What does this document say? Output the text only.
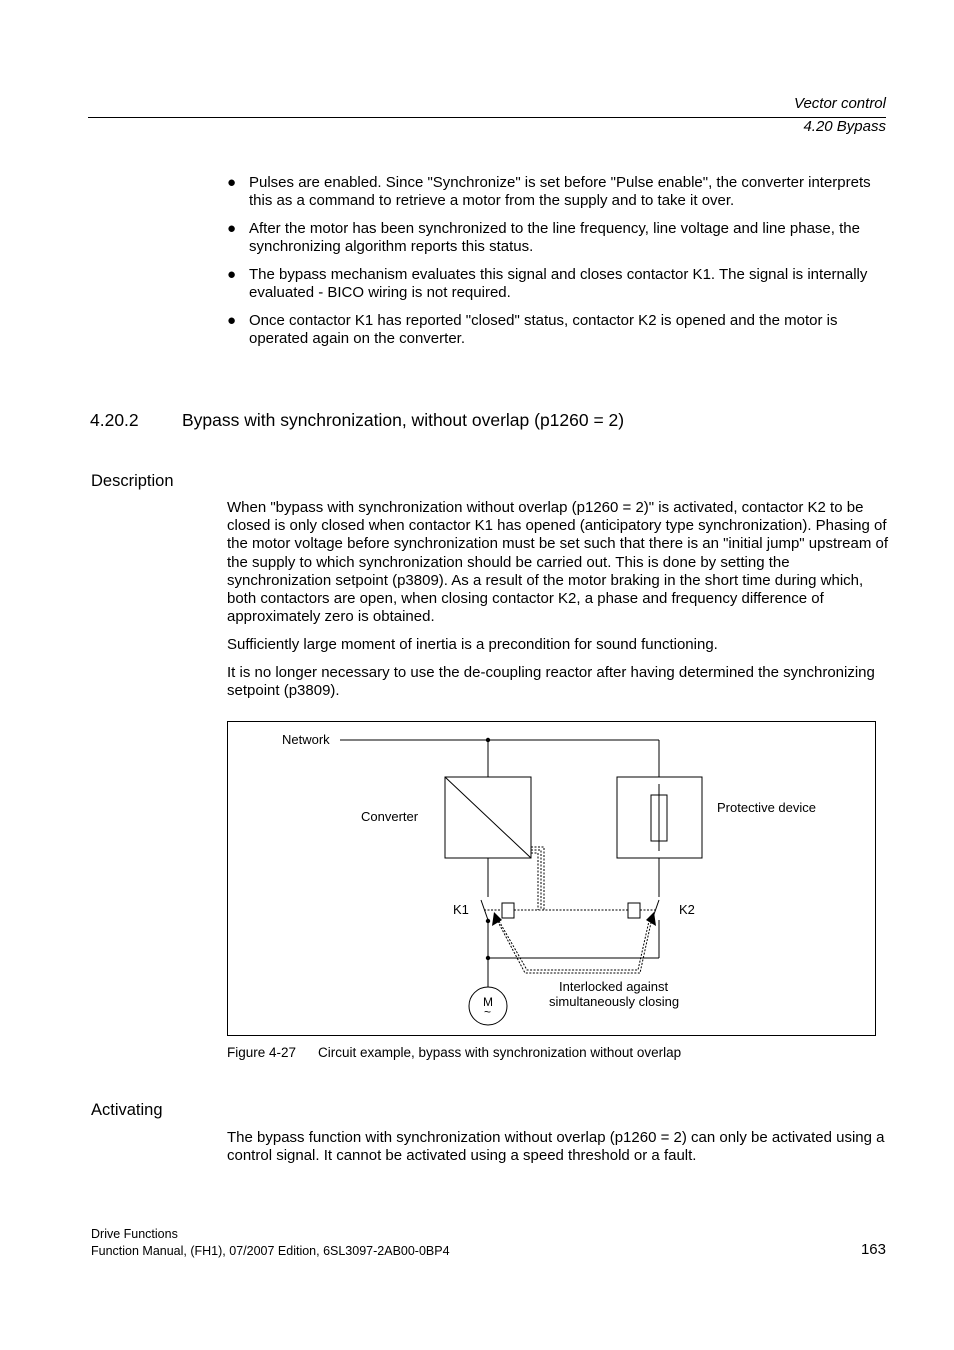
Vector control
4.20 Bypass
● Pulses are enabled. Since "Synchronize" is set before "Pulse enable", the converter interprets this as a command to retrieve a motor from the supply and to take it over.
● After the motor has been synchronized to the line frequency, line voltage and line phase, the synchronizing algorithm reports this status.
● The bypass mechanism evaluates this signal and closes contactor K1. The signal is internally evaluated - BICO wiring is not required.
● Once contactor K1 has reported "closed" status, contactor K2 is opened and the motor is operated again on the converter.
4.20.2 Bypass with synchronization, without overlap (p1260 = 2)
Description

When "bypass with synchronization without overlap (p1260 = 2)" is activated, contactor K2 to be closed is only closed when contactor K1 has opened (anticipatory type synchronization). Phasing of the motor voltage before synchronization must be set such that there is an "initial jump" upstream of the supply to which synchronization should be carried out. This is done by setting the synchronization setpoint (p3809). As a result of the motor braking in the short time during which, both contactors are open, when closing contactor K2, a phase and frequency difference of approximately zero is obtained.

Sufficiently large moment of inertia is a precondition for sound functioning.

It is no longer necessary to use the de-coupling reactor after having determined the synchronizing setpoint (p3809).

Network
Converter
Protective device
K1	K2
Interlocked against
simultaneously closing
M
~
Figure 4-27 Circuit example, bypass with synchronization without overlap
Activating

The bypass function with synchronization without overlap (p1260 = 2) can only be activated using a control signal. It cannot be activated using a speed threshold or a fault.

Drive Functions
Function Manual, (FH1), 07/2007 Edition, 6SL3097-2AB00-0BP4	163
